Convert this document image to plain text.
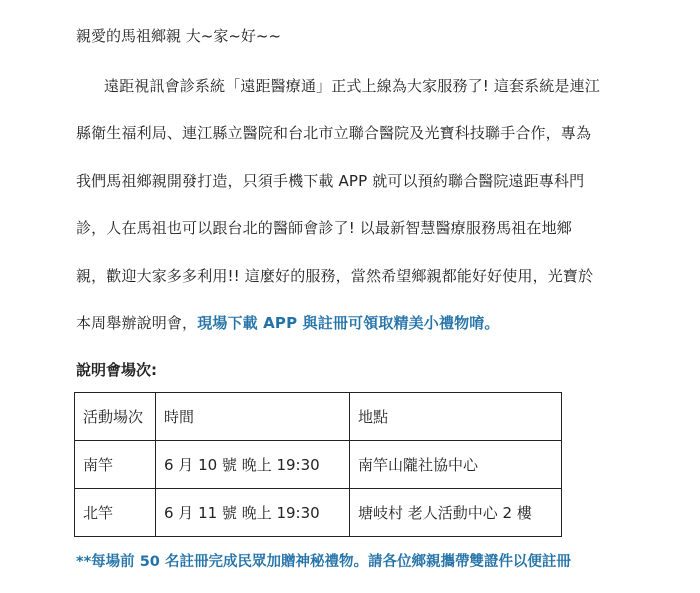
親愛的馬祖鄉親 大~家~好~~
遠距視訊會診系統「遠距醫療通」正式上線為大家服務了! 這套系統是連江
縣衛生福利局、連江縣立醫院和台北市立聯合醫院及光寶科技聯手合作，專為
我們馬祖鄉親開發打造，只須手機下載 APP 就可以預約聯合醫院遠距專科門
診，人在馬祖也可以跟台北的醫師會診了! 以最新智慧醫療服務馬祖在地鄉
親，歡迎大家多多利用!! 這麼好的服務，當然希望鄉親都能好好使用，光寶於
本周舉辦說明會，現場下載 APP 與註冊可領取精美小禮物唷。
說明會場次:
活動場次	時間	地點
南竿	6 月 10 號 晚上 19:30	南竿山隴社協中心
北竿	6 月 11 號 晚上 19:30	塘岐村 老人活動中心 2 樓
**每場前 50 名註冊完成民眾加贈神秘禮物。請各位鄉親攜帶雙證件以便註冊
